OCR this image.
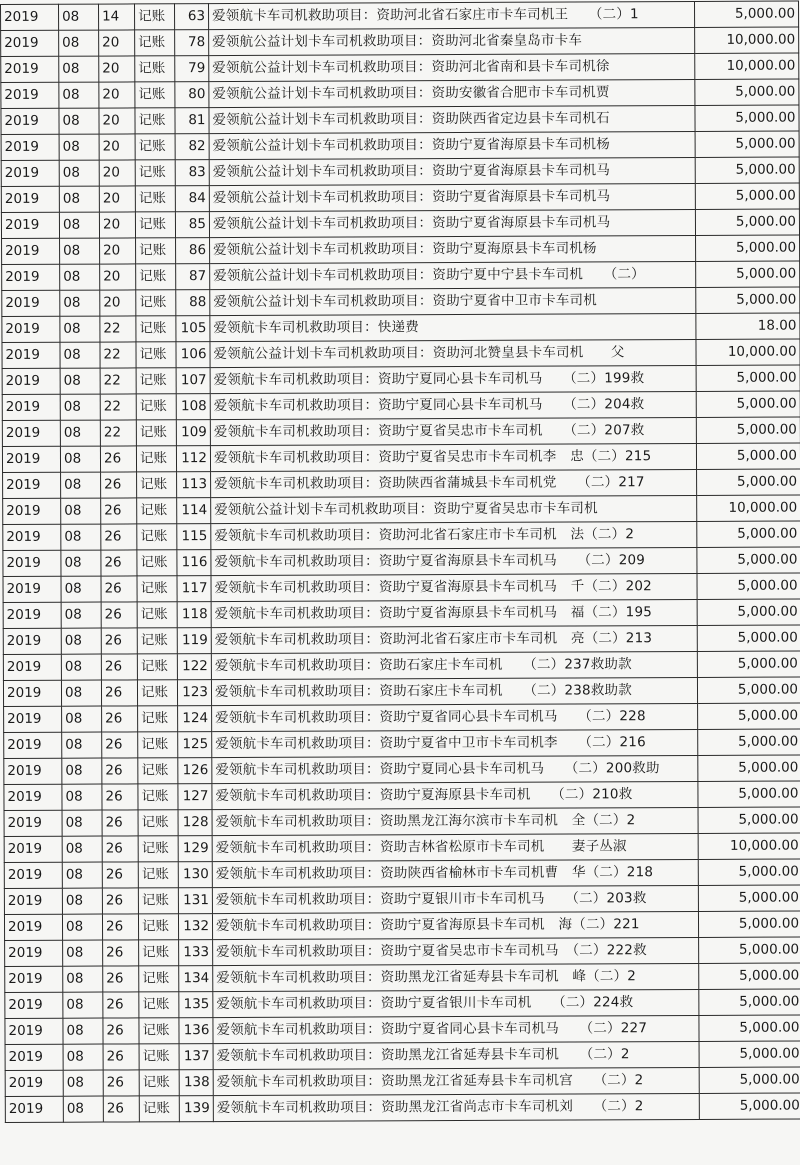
2019	08	14	记账	63	爱领航卡车司机救助项目：资助河北省石家庄市卡车司机王　　（二）1	5,000.00
2019	08	20	记账	78	爱领航公益计划卡车司机救助项目：资助河北省秦皇岛市卡车	10,000.00
2019	08	20	记账	79	爱领航公益计划卡车司机救助项目：资助河北省南和县卡车司机徐	10,000.00
2019	08	20	记账	80	爱领航公益计划卡车司机救助项目：资助安徽省合肥市卡车司机贾	5,000.00
2019	08	20	记账	81	爱领航公益计划卡车司机救助项目：资助陕西省定边县卡车司机石	5,000.00
2019	08	20	记账	82	爱领航公益计划卡车司机救助项目：资助宁夏省海原县卡车司机杨	5,000.00
2019	08	20	记账	83	爱领航公益计划卡车司机救助项目：资助宁夏省海原县卡车司机马	5,000.00
2019	08	20	记账	84	爱领航公益计划卡车司机救助项目：资助宁夏省海原县卡车司机马	5,000.00
2019	08	20	记账	85	爱领航公益计划卡车司机救助项目：资助宁夏省海原县卡车司机马	5,000.00
2019	08	20	记账	86	爱领航公益计划卡车司机救助项目：资助宁夏海原县卡车司机杨	5,000.00
2019	08	20	记账	87	爱领航公益计划卡车司机救助项目：资助宁夏中宁县卡车司机　　（二）	5,000.00
2019	08	20	记账	88	爱领航公益计划卡车司机救助项目：资助宁夏省中卫市卡车司机	5,000.00
2019	08	22	记账	105	爱领航卡车司机救助项目：快递费	18.00
2019	08	22	记账	106	爱领航公益计划卡车司机救助项目：资助河北赞皇县卡车司机　　父	10,000.00
2019	08	22	记账	107	爱领航卡车司机救助项目：资助宁夏同心县卡车司机马　　（二）199救	5,000.00
2019	08	22	记账	108	爱领航卡车司机救助项目：资助宁夏同心县卡车司机马　　（二）204救	5,000.00
2019	08	22	记账	109	爱领航卡车司机救助项目：资助宁夏省吴忠市卡车司机　　（二）207救	5,000.00
2019	08	26	记账	112	爱领航卡车司机救助项目：资助宁夏省吴忠市卡车司机李　忠（二）215	5,000.00
2019	08	26	记账	113	爱领航卡车司机救助项目：资助陕西省蒲城县卡车司机党　　（二）217	5,000.00
2019	08	26	记账	114	爱领航公益计划卡车司机救助项目：资助宁夏省吴忠市卡车司机	10,000.00
2019	08	26	记账	115	爱领航卡车司机救助项目：资助河北省石家庄市卡车司机　法（二）2	5,000.00
2019	08	26	记账	116	爱领航卡车司机救助项目：资助宁夏省海原县卡车司机马　　（二）209	5,000.00
2019	08	26	记账	117	爱领航卡车司机救助项目：资助宁夏省海原县卡车司机马　千（二）202	5,000.00
2019	08	26	记账	118	爱领航卡车司机救助项目：资助宁夏省海原县卡车司机马　福（二）195	5,000.00
2019	08	26	记账	119	爱领航卡车司机救助项目：资助河北省石家庄市卡车司机　亮（二）213	5,000.00
2019	08	26	记账	122	爱领航卡车司机救助项目：资助石家庄卡车司机　　（二）237救助款	5,000.00
2019	08	26	记账	123	爱领航卡车司机救助项目：资助石家庄卡车司机　　（二）238救助款	5,000.00
2019	08	26	记账	124	爱领航卡车司机救助项目：资助宁夏省同心县卡车司机马　　（二）228	5,000.00
2019	08	26	记账	125	爱领航卡车司机救助项目：资助宁夏省中卫市卡车司机李　　（二）216	5,000.00
2019	08	26	记账	126	爱领航卡车司机救助项目：资助宁夏同心县卡车司机马　　（二）200救助	5,000.00
2019	08	26	记账	127	爱领航卡车司机救助项目：资助宁夏海原县卡车司机　　（二）210救	5,000.00
2019	08	26	记账	128	爱领航卡车司机救助项目：资助黑龙江海尔滨市卡车司机　全（二）2	5,000.00
2019	08	26	记账	129	爱领航卡车司机救助项目：资助吉林省松原市卡车司机　　妻子丛淑	10,000.00
2019	08	26	记账	130	爱领航卡车司机救助项目：资助陕西省榆林市卡车司机曹　华（二）218	5,000.00
2019	08	26	记账	131	爱领航卡车司机救助项目：资助宁夏银川市卡车司机马　　（二）203救	5,000.00
2019	08	26	记账	132	爱领航卡车司机救助项目：资助宁夏省海原县卡车司机　海（二）221	5,000.00
2019	08	26	记账	133	爱领航卡车司机救助项目：资助宁夏省吴忠市卡车司机马　（二）222救	5,000.00
2019	08	26	记账	134	爱领航卡车司机救助项目：资助黑龙江省延寿县卡车司机　峰（二）2	5,000.00
2019	08	26	记账	135	爱领航卡车司机救助项目：资助宁夏省银川卡车司机　　（二）224救	5,000.00
2019	08	26	记账	136	爱领航卡车司机救助项目：资助宁夏省同心县卡车司机马　　（二）227	5,000.00
2019	08	26	记账	137	爱领航卡车司机救助项目：资助黑龙江省延寿县卡车司机　　（二）2	5,000.00
2019	08	26	记账	138	爱领航卡车司机救助项目：资助黑龙江省延寿县卡车司机宫　　（二）2	5,000.00
2019	08	26	记账	139	爱领航卡车司机救助项目：资助黑龙江省尚志市卡车司机刘　　（二）2	5,000.00
